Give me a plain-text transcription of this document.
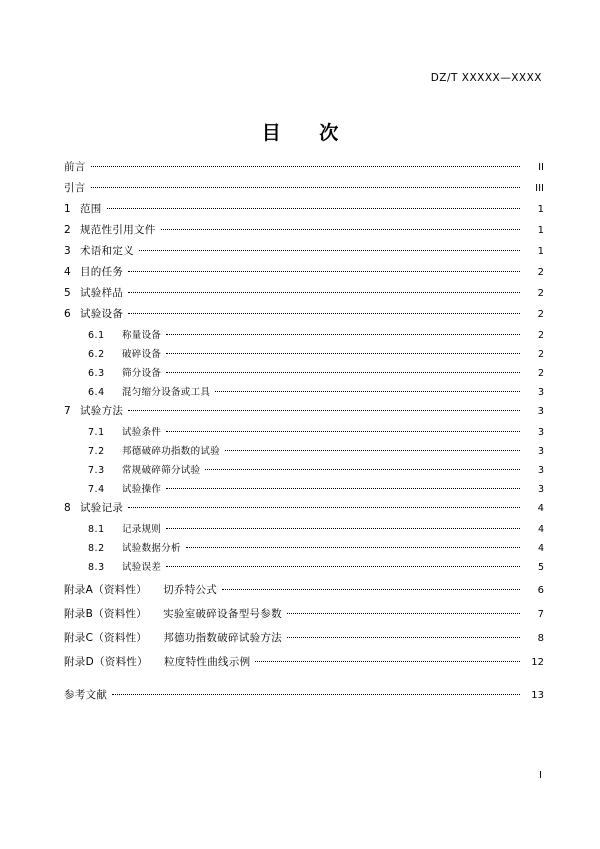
DZ/T XXXXX—XXXX
目 次
前言	II
引言	III
1 范围	1
2 规范性引用文件	1
3 术语和定义	1
4 目的任务	2
5 试验样品	2
6 试验设备	2
6.1	称量设备	2
6.2	破碎设备	2
6.3	筛分设备	2
6.4	混匀缩分设备或工具	3
7 试验方法	3
7.1	试验条件	3
7.2	邦德破碎功指数的试验	3
7.3	常规破碎筛分试验	3
7.4	试验操作	3
8 试验记录	4
8.1	记录规则	4
8.2	试验数据分析	4
8.3	试验误差	5
附录A（资料性） 切乔特公式	6
附录B（资料性） 实验室破碎设备型号参数	7
附录C（资料性） 邦德功指数破碎试验方法	8
附录D（资料性） 粒度特性曲线示例	12
参考文献	13
I
